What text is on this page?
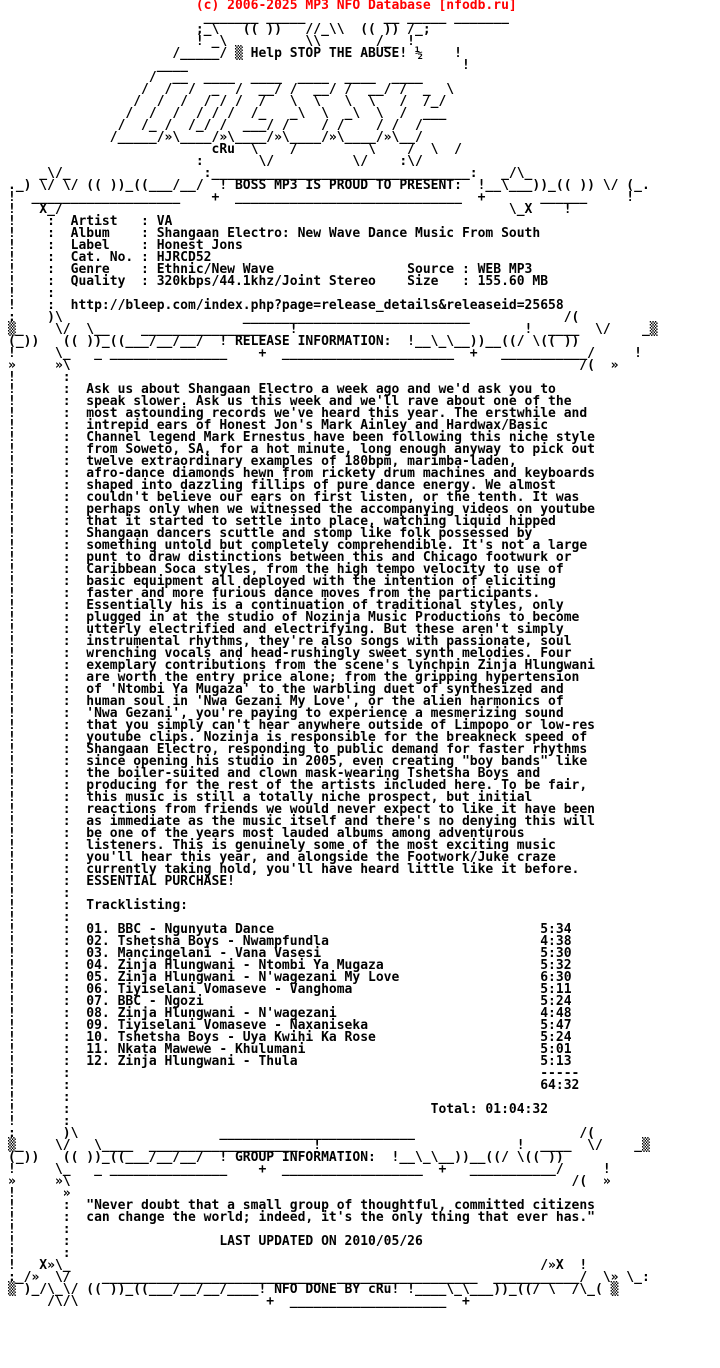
(c) 2006-2025 MP3 NFO Database [nfodb.ru]
_______ _____          __ _____ _______
;_\   (( ))   //_\\  (( )) /_;
! _\          \\       /_  !
/_____/ ▒ Help STOP THE ABUSE! ½    !
____                                   !
/  __  ____  ____  ____  ____  ____
/  /  /  _  /  __/ /  __/ /  __/ /  _  \
/  /  /  / / /  /   \  \   \  \   /  /_/
/  /  /  / / /  /_   _\  \  _\  \  /  ___
/  /_ /  /_/ /  ___/ /    / /    / /  /
/_____/»\____/»\____/»\____/»\____/»\__/
cRu  \    /         \    /  \  /
:       \/          \/    :\/
_\/_                 :_________________________________:   _/\_
._) \/ \/ (( ))_((___/__/  ! BOSS MP3 IS PROUD TO PRESENT:  !__\___))_(( )) \/ (_.
!  ___________________    +  _____________________________  +       ______     !
!   X_/                                                         \_X    !
!    :  Artist   : VA
!    :  Album    : Shangaan Electro: New Wave Dance Music From South
!    :  Label    : Honest Jons
!    :  Cat. No. : HJRCD52
!    :  Genre    : Ethnic/New Wave                 Source : WEB MP3
!    :  Quality  : 320kbps/44.1khz/Joint Stereo    Size   : 155.60 MB
!    :
!    :  http://bleep.com/index.php?page=release_details&releaseid=25658
:    )\                       _____________________________            /(
▒_    \/  \__    ________________   !                             !  ____  \/    _▒
(_))   (( ))_((___/__/__/  ! RELEASE INFORMATION:  !__\_\__))__((/ \(( ))
!     \_   _ _______________    +  ______________________  +   ___________/     !
»     »\                                                                 /(  »
!      :
!      :  Ask us about Shangaan Electro a week ago and we'd ask you to
!      :  speak slower. Ask us this week and we'll rave about one of the
!      :  most astounding records we've heard this year. The erstwhile and
!      :  intrepid ears of Honest Jon's Mark Ainley and Hardwax/Basic
!      :  Channel legend Mark Ernestus have been following this niche style
!      :  from Soweto, SA, for a hot minute, long enough anyway to pick out
!      :  twelve extraordinary examples of 180bpm, marimba-laden,
!      :  afro-dance diamonds hewn from rickety drum machines and keyboards
!      :  shaped into dazzling fillips of pure dance energy. We almost
!      :  couldn't believe our ears on first listen, or the tenth. It was
!      :  perhaps only when we witnessed the accompanying videos on youtube
!      :  that it started to settle into place, watching liquid hipped
!      :  Shangaan dancers scuttle and stomp like folk possessed by
!      :  something untold but completely comprehendible. It's not a large
!      :  punt to draw distinctions between this and Chicago footwurk or
!      :  Caribbean Soca styles, from the high tempo velocity to use of
!      :  basic equipment all deployed with the intention of eliciting
!      :  faster and more furious dance moves from the participants.
!      :  Essentially his is a continuation of traditional styles, only
!      :  plugged in at the studio of Nozinja Music Productions to become
!      :  utterly electrified and electrifying. But these aren't simply
!      :  instrumental rhythms, they're also songs with passionate, soul
!      :  wrenching vocals and head-rushingly sweet synth melodies. Four
!      :  exemplary contributions from the scene's lynchpin Zinja Hlungwani
!      :  are worth the entry price alone; from the gripping hypertension
!      :  of 'Ntombi Ya Mugaza' to the warbling duet of synthesized and
!      :  human soul in 'Nwa Gezani My Love', or the alien harmonics of
!      :  'Nwa Gezani', you're paying to experience a mesmerizing sound
!      :  that you simply can't hear anywhere outside of Limpopo or low-res
!      :  youtube clips. Nozinja is responsible for the breakneck speed of
!      :  Shangaan Electro, responding to public demand for faster rhythms
!      :  since opening his studio in 2005, even creating "boy bands" like
!      :  the boiler-suited and clown mask-wearing Tshetsha Boys and
!      :  producing for the rest of the artists included here. To be fair,
!      :  this music is still a totally niche prospect, but initial
!      :  reactions from friends we would never expect to like it have been
!      :  as immediate as the music itself and there's no denying this will
!      :  be one of the years most lauded albums among adventurous
!      :  listeners. This is genuinely some of the most exciting music
!      :  you'll hear this year, and alongside the Footwork/Juke craze
!      :  currently taking hold, you'll have heard little like it before.
!      :  ESSENTIAL PURCHASE!
!      :
!      :  Tracklisting:
!      :
!      :  01. BBC - Ngunyuta Dance                                  5:34
!      :  02. Tshetsha Boys - Nwampfundla                           4:38
!      :  03. Mancingelani - Vana Vasesi                            5:30
!      :  04. Zinja Hlungwani - Ntombi Ya Mugaza                    5:32
!      :  05. Zinja Hlungwani - N'wagezani My Love                  6:30
!      :  06. Tiyiselani Vomaseve - Vanghoma                        5:11
!      :  07. BBC - Ngozi                                           5:24
!      :  08. Zinja Hlungwani - N'wagezani                          4:48
!      :  09. Tiyiselani Vomaseve - Naxaniseka                      5:47
!      :  10. Tshetsha Boys - Uya Kwihi Ka Rose                     5:24
!      :  11. Nkata Mawewe - Khulumani                              5:01
!      :  12. Zinja Hlungwani - Thula                               5:13
!      :                                                            -----
!      :                                                            64:32
!      :
!      :                                              Total: 01:04:32
!      :
:      )\                  _________________________                     /(
▒_    \/   \____  ___________________  !                         !  ____  \/    _▒
(_))   (( ))_((___/__/__/  ! GROUP INFORMATION:  !__\_\__))__((/ \(( ))
!     \_   _ _______________    +  __________________  +   ___________/     !
»     »\                                                                /(  »
!      »
!      :  "Never doubt that a small group of thoughtful, committed citizens
!      :  can change the world; indeed, it's the only thing that ever has."
!      :
!      :                   LAST UPDATED ON 2010/05/26
!      :
!   X»\_                                                            /»X  !
:_/»  \/    ____________________________  __________________  ___________/  \» \_:
▒ )_/\_\/ (( ))_((___/__/__/____! NFO DONE BY cRu! !____\_\___))_((/ \  /\_( ▒
/\/\                        +  ____________________  +
